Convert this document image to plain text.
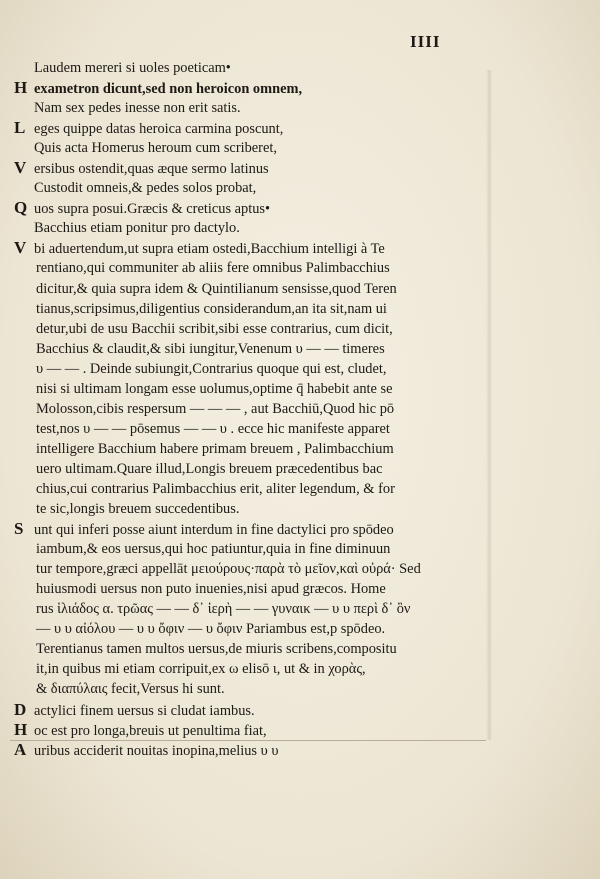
IIII
Laudem mereri si uoles poeticam•
H exametron dicunt,sed non heroicon omnem,
Nam sex pedes inesse non erit satis.
L eges quippe datas heroica carmina poscunt,
Quis acta Homerus heroum cum scriberet,
V ersibus ostendit,quas æque sermo latinus
Custodit omneis,& pedes solos probat,
Q uos supra posui.Græcis & creticus aptus•
Bacchius etiam ponitur pro dactylo.
V bi aduertendum,ut supra etiam ostedi,Bacchium intelligi à Te
rentiano,qui communiter ab aliis fere omnibus Palimbacchius
dicitur,& quia supra idem & Quintilianum sensisse,quod Teren
tianus,scripsimus,diligentius considerandum,an ita sit,nam ui
detur,ubi de usu Bacchii scribit,sibi esse contrarius, cum dicit,
Bacchius & claudit,& sibi iungitur,Venenum υ — — timeres
υ — — . Deinde subiungit,Contrarius quoque qui est, cludet,
nisi si ultimam longam esse uolumus,optime q̄ habebit ante se
Molosson,cibis respersum — — — , aut Bacchiū,Quod hic pō
test,nos υ — — pōsemus — — υ . ecce hic manifeste apparet
intelligere Bacchium habere primam breuem , Palimbacchium
uero ultimam.Quare illud,Longis breuem præcedentibus bac
chius,cui contrarius Palimbacchius erit, aliter legendum, & for
te sic,longis breuem succedentibus.
S unt qui inferi posse aiunt interdum in fine dactylici pro spōdeo
iambum,& eos uersus,qui hoc patiuntur,quia in fine diminuun
tur tempore,græci appellāt μειούρους·παρὰ τὸ μεῖον,καὶ οὐρά· Sed
huiusmodi uersus non puto inuenies,nisi apud græcos. Home
rus ἱλιάδος α. τρῶας — — δ᾽ ἱερὴ — — γυναικ — υ υ περὶ δ᾽ ὃν
— υ υ αἰόλου — υ υ ὄφιν — υ ὄφιν Pariambus est,p spōdeo.
Terentianus tamen multos uersus,de miuris scribens,compositu
it,in quibus mi etiam corripuit,ex ω elisō ι, ut & in χορὰς,
& διαπύλαις fecit,Versus hi sunt.
D actylici finem uersus si cludat iambus.
H oc est pro longa,breuis ut penultima fiat,
A uribus acciderit nouitas inopina,melius υ υ
